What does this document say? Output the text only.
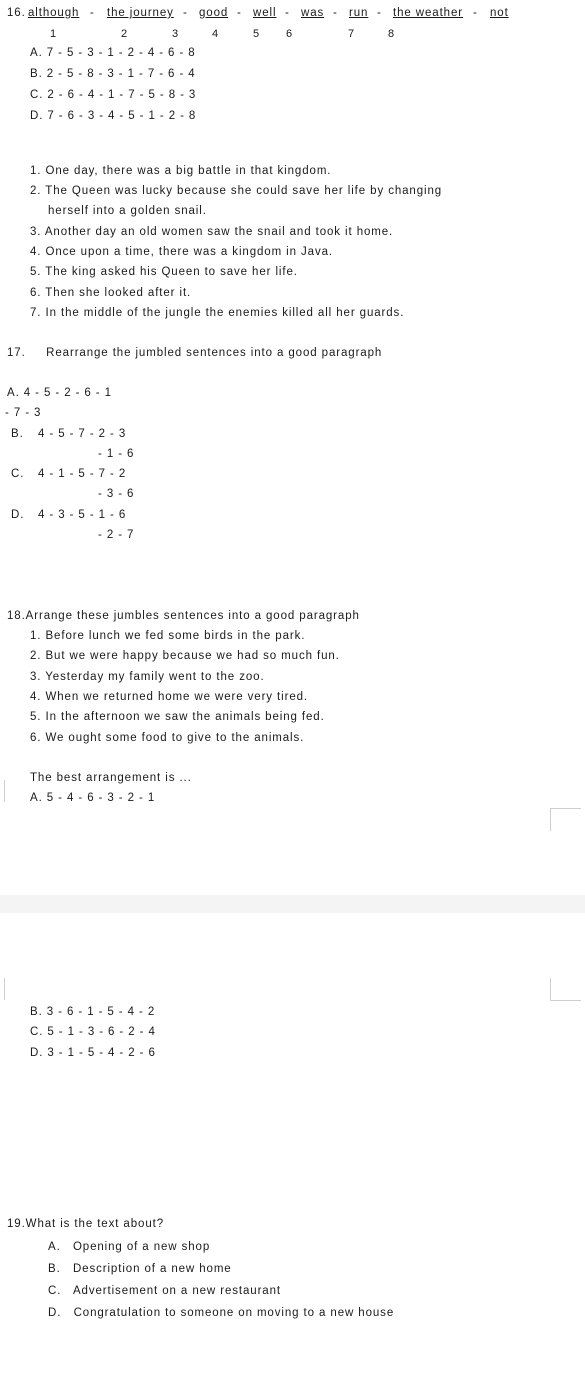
16. although - the journey - good - well - was - run - the weather - not
1	2	3	4	5 6	7	8
A. 7 - 5 - 3 - 1 - 2 - 4 - 6 - 8
B. 2 - 5 - 8 - 3 - 1 - 7 - 6 - 4
C. 2 - 6 - 4 - 1 - 7 - 5 - 8 - 3
D. 7 - 6 - 3 - 4 - 5 - 1 - 2 - 8
1. One day, there was a big battle in that kingdom.
2. The Queen was lucky because she could save her life by changing
herself into a golden snail.
3. Another day an old women saw the snail and took it home.
4. Once upon a time, there was a kingdom in Java.
5. The king asked his Queen to save her life.
6. Then she looked after it.
7. In the middle of the jungle the enemies killed all her guards.
17.     Rearrange the jumbled sentences into a good paragraph
A. 4 - 5 - 2 - 6 - 1
- 7 - 3
B. 4 - 5 - 7 - 2 - 3
- 1 - 6
C. 4 - 1 - 5 - 7 - 2
- 3 - 6
D. 4 - 3 - 5 - 1 - 6
- 2 - 7
18.Arrange these jumbles sentences into a good paragraph
1. Before lunch we fed some birds in the park.
2. But we were happy because we had so much fun.
3. Yesterday my family went to the zoo.
4. When we returned home we were very tired.
5. In the afternoon we saw the animals being fed.
6. We ought some food to give to the animals.
The best arrangement is ...
A. 5 - 4 - 6 - 3 - 2 - 1
B. 3 - 6 - 1 - 5 - 4 - 2
C. 5 - 1 - 3 - 6 - 2 - 4
D. 3 - 1 - 5 - 4 - 2 - 6
19.What is the text about?
A.   Opening of a new shop
B.   Description of a new home
C.   Advertisement on a new restaurant
D.   Congratulation to someone on moving to a new house
